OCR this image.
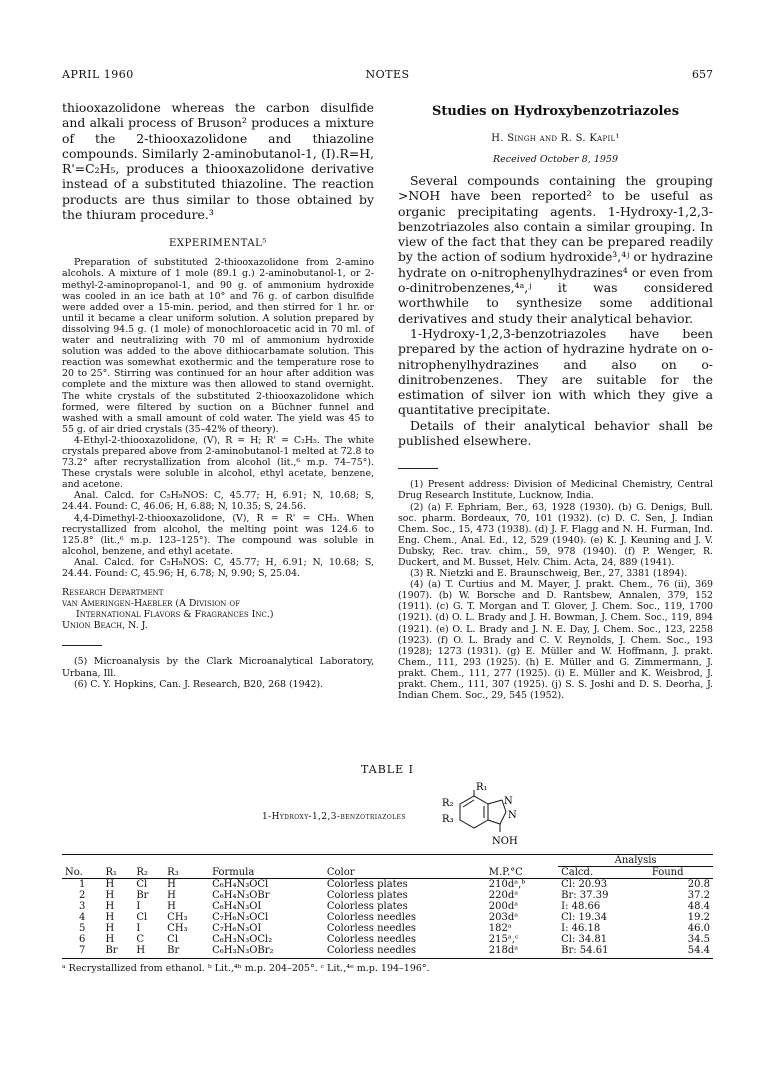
APRIL 1960	NOTES	657

thiooxazolidone whereas the carbon disulfide and alkali process of Bruson² produces a mixture of the 2-thiooxazolidone and thiazoline compounds. Similarly 2-aminobutanol-1, (I).R=H, R'=C₂H₅, produces a thiooxazolidone derivative instead of a substituted thiazoline. The reaction products are thus similar to those obtained by the thiuram procedure.³

EXPERIMENTAL⁵

Preparation of substituted 2-thiooxazolidone from 2-amino alcohols. A mixture of 1 mole (89.1 g.) 2-aminobutanol-1, or 2-methyl-2-aminopropanol-1, and 90 g. of ammonium hydroxide was cooled in an ice bath at 10° and 76 g. of carbon disulfide were added over a 15-min. period, and then stirred for 1 hr. or until it became a clear uniform solution. A solution prepared by dissolving 94.5 g. (1 mole) of monochloroacetic acid in 70 ml. of water and neutralizing with 70 ml of ammonium hydroxide solution was added to the above dithiocarbamate solution. This reaction was somewhat exothermic and the temperature rose to 20 to 25°. Stirring was continued for an hour after addition was complete and the mixture was then allowed to stand overnight. The white crystals of the substituted 2-thiooxazolidone which formed, were filtered by suction on a Büchner funnel and washed with a small amount of cold water. The yield was 45 to 55 g. of air dried crystals (35–42% of theory).

4-Ethyl-2-thiooxazolidone, (V), R = H; R' = C₂H₅. The white crystals prepared above from 2-aminobutanol-1 melted at 72.8 to 73.2° after recrystallization from alcohol (lit.,⁶ m.p. 74–75°). These crystals were soluble in alcohol, ethyl acetate, benzene, and acetone.

Anal. Calcd. for C₅H₉NOS: C, 45.77; H, 6.91; N, 10.68; S, 24.44. Found: C, 46.06; H, 6.88; N, 10.35; S, 24.56.

4,4-Dimethyl-2-thiooxazolidone, (V), R = R' = CH₃. When recrystallized from alcohol, the melting point was 124.6 to 125.8° (lit.,⁶ m.p. 123–125°). The compound was soluble in alcohol, benzene, and ethyl acetate.

Anal. Calcd. for C₅H₉NOS: C, 45.77; H, 6.91; N, 10.68; S, 24.44. Found: C, 45.96; H, 6.78; N, 9.90; S, 25.04.

Research Department
van Ameringen-Haebler (A Division of
International Flavors & Fragrances Inc.)
Union Beach, N. J.

(5) Microanalysis by the Clark Microanalytical Laboratory, Urbana, Ill.

(6) C. Y. Hopkins, Can. J. Research, B20, 268 (1942).

Studies on Hydroxybenzotriazoles

H. Singh and R. S. Kapil¹

Received October 8, 1959

Several compounds containing the grouping >NOH have been reported² to be useful as organic precipitating agents. 1-Hydroxy-1,2,3-benzotriazoles also contain a similar grouping. In view of the fact that they can be prepared readily by the action of sodium hydroxide³,⁴ʲ or hydrazine hydrate on o-nitrophenylhydrazines⁴ or even from o-dinitrobenzenes,⁴ᵃ,ʲ it was considered worthwhile to synthesize some additional derivatives and study their analytical behavior.

1-Hydroxy-1,2,3-benzotriazoles have been prepared by the action of hydrazine hydrate on o-nitrophenylhydrazines and also on o-dinitrobenzenes. They are suitable for the estimation of silver ion with which they give a quantitative precipitate.

Details of their analytical behavior shall be published elsewhere.

(1) Present address: Division of Medicinal Chemistry, Central Drug Research Institute, Lucknow, India.

(2) (a) F. Ephriam, Ber., 63, 1928 (1930). (b) G. Denigs, Bull. soc. pharm. Bordeaux, 70, 101 (1932). (c) D. C. Sen, J. Indian Chem. Soc., 15, 473 (1938). (d) J. F. Flagg and N. H. Furman, Ind. Eng. Chem., Anal. Ed., 12, 529 (1940). (e) K. J. Keuning and J. V. Dubsky, Rec. trav. chim., 59, 978 (1940). (f) P. Wenger, R. Duckert, and M. Busset, Helv. Chim. Acta, 24, 889 (1941).

(3) R. Nietzki and E. Braunschweig, Ber., 27, 3381 (1894).

(4) (a) T. Curtius and M. Mayer, J. prakt. Chem., 76 (ii), 369 (1907). (b) W. Borsche and D. Rantsbew, Annalen, 379, 152 (1911). (c) G. T. Morgan and T. Glover, J. Chem. Soc., 119, 1700 (1921). (d) O. L. Brady and J. H. Bowman, J. Chem. Soc., 119, 894 (1921). (e) O. L. Brady and J. N. E. Day, J. Chem. Soc., 123, 2258 (1923). (f) O. L. Brady and C. V. Reynolds, J. Chem. Soc., 193 (1928); 1273 (1931). (g) E. Müller and W. Hoffmann, J. prakt. Chem., 111, 293 (1925). (h) E. Müller and G. Zimmermann, J. prakt. Chem., 111, 277 (1925). (i) E. Müller and K. Weisbrod, J. prakt. Chem., 111, 307 (1925). (j) S. S. Joshi and D. S. Deorha, J. Indian Chem. Soc., 29, 545 (1952).

TABLE I
1-Hydroxy-1,2,3-benzotriazoles
R₁
R₂
R₃
N
N
NOH
							Analysis	
No.	R₁	R₂	R₃	Formula	Color	M.P.°C	Calcd.	Found
1	H	Cl	H	C₆H₄N₃OCl	Colorless plates	210dᵃ,ᵇ	Cl: 20.93	20.8
2	H	Br	H	C₆H₄N₃OBr	Colorless plates	220dᵃ	Br: 37.39	37.2
3	H	I	H	C₆H₄N₃OI	Colorless plates	200dᵃ	I: 48.66	48.4
4	H	Cl	CH₃	C₇H₆N₃OCl	Colorless needles	203dᵃ	Cl: 19.34	19.2
5	H	I	CH₃	C₇H₆N₃OI	Colorless needles	182ᵃ	I: 46.18	46.0
6	H	C	Cl	C₆H₃N₃OCl₂	Colorless needles	215ᵃ,ᶜ	Cl: 34.81	34.5
7	Br	H	Br	C₆H₃N₃OBr₂	Colorless needles	218dᵃ	Br: 54.61	54.4
ᵃ Recrystallized from ethanol. ᵇ Lit.,⁴ʰ m.p. 204–205°. ᶜ Lit.,⁴ᵉ m.p. 194–196°.
